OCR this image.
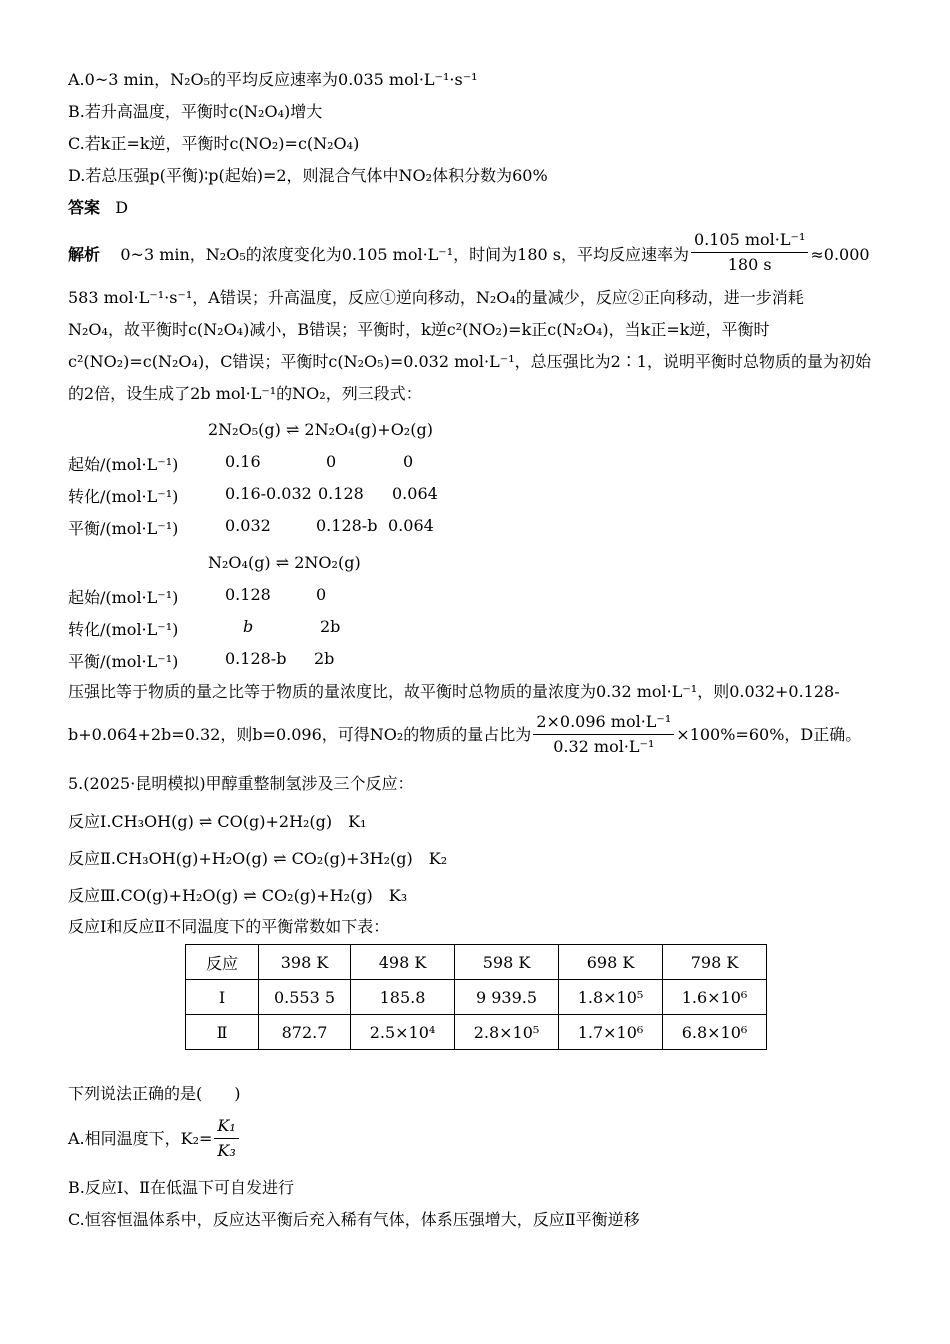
A.0~3 min，N₂O₅的平均反应速率为0.035 mol·L⁻¹·s⁻¹
B.若升高温度，平衡时c(N₂O₄)增大
C.若k正=k逆，平衡时c(NO₂)=c(N₂O₄)
D.若总压强p(平衡)∶p(起始)=2，则混合气体中NO₂体积分数为60%
答案 D
解析
0~3 min，N₂O₅的浓度变化为0.105 mol·L⁻¹，时间为180 s，平均反应速率为 $\frac{\text{0.105 mol·L⁻¹}}{180 s} \approx 0.000$
583 mol·L⁻¹·s⁻¹，A错误；升高温度，反应①逆向移动，N₂O₄的量减少，反应②正向移动，进一步消耗
N₂O₄，故平衡时c(N₂O₄)减小，B错误；平衡时，k逆c²(NO₂)=k正c(N₂O₄)，当k正=k逆，平衡时
c²(NO₂)=c(N₂O₄)，C错误；平衡时c(N₂O₅)=0.032 mol·L⁻¹，总压强比为2∶1，说明平衡时总物质的量为初始
的2倍，设生成了2b mol·L⁻¹的NO₂，列三段式：
2N₂O₅(g) ⇌ 2N₂O₄(g)+O₂(g)
起始/(mol·L⁻¹)	0.16	0	0
转化/(mol·L⁻¹)	0.16-0.032 0.128 0.064
平衡/(mol·L⁻¹)	0.032	0.128-b 0.064
N₂O₄(g) ⇌ 2NO₂(g)
起始/(mol·L⁻¹)	0.128	0
转化/(mol·L⁻¹)	b	2b
平衡/(mol·L⁻¹)	0.128-b 2b
压强比等于物质的量之比等于物质的量浓度比，故平衡时总物质的量浓度为0.32 mol·L⁻¹，则0.032+0.128-
b+0.064+2b=0.32，则b=0.096，可得NO₂的物质的量占比为 $\frac{\text{2×0.096 mol·L⁻¹}}{\text{0.32 mol·L⁻¹}} \times 100\%=60\%$，D正确。
5.(2025·昆明模拟)甲醇重整制氢涉及三个反应：
反应Ⅰ.CH₃OH(g) ⇌ CO(g)+2H₂(g)　K₁
反应Ⅱ.CH₃OH(g)+H₂O(g) ⇌ CO₂(g)+3H₂(g)　K₂
反应Ⅲ.CO(g)+H₂O(g) ⇌ CO₂(g)+H₂(g)　K₃
反应Ⅰ和反应Ⅱ不同温度下的平衡常数如下表：
反应	398 K	498 K	598 K	698 K	798 K
Ⅰ	0.553 5	185.8	9 939.5	1.8×10⁵	1.6×10⁶
Ⅱ	872.7	2.5×10⁴	2.8×10⁵	1.7×10⁶	6.8×10⁶
下列说法正确的是(　　)
A.相同温度下，$K_2= \frac{\text{K₁}}{\text{K₃}}$
B.反应Ⅰ、Ⅱ在低温下可自发进行
C.恒容恒温体系中，反应达平衡后充入稀有气体，体系压强增大，反应Ⅱ平衡逆移
